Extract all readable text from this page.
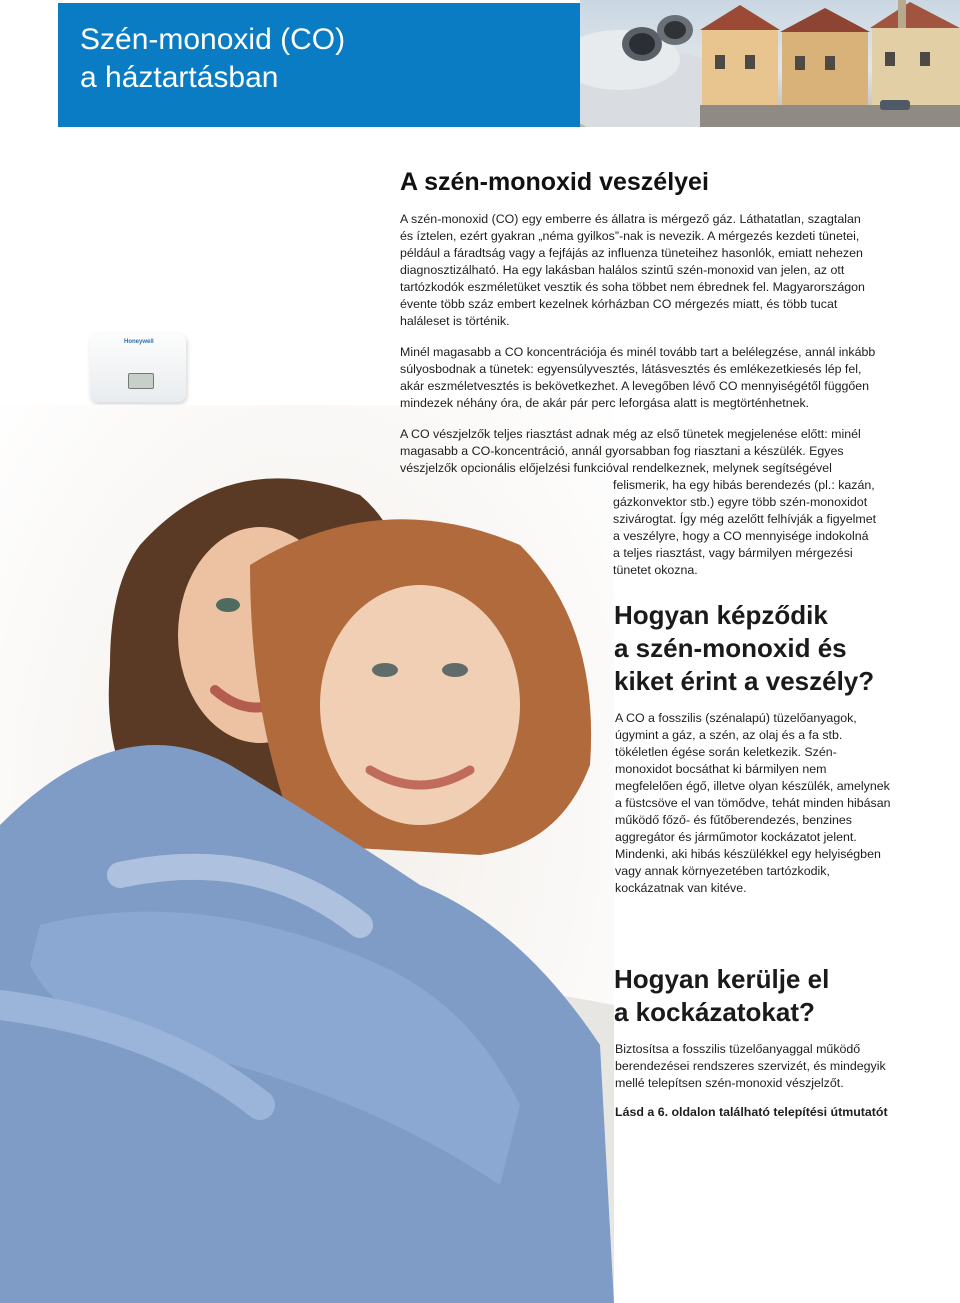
Szén-monoxid (CO)
a háztartásban
Honeywell
A szén-monoxid veszélyei

A szén-monoxid (CO) egy emberre és állatra is mérgező gáz. Láthatatlan, szagtalan
és íztelen, ezért gyakran „néma gyilkos”-nak is nevezik. A mérgezés kezdeti tünetei,
például a fáradtság vagy a fejfájás az influenza tüneteihez hasonlók, emiatt nehezen
diagnosztizálható. Ha egy lakásban halálos szintű szén-monoxid van jelen, az ott
tartózkodók eszméletüket vesztik és soha többet nem ébrednek fel. Magyarországon
évente több száz embert kezelnek kórházban CO mérgezés miatt, és több tucat
haláleset is történik.

Minél magasabb a CO koncentrációja és minél tovább tart a belélegzése, annál inkább
súlyosbodnak a tünetek: egyensúlyvesztés, látásvesztés és emlékezetkiesés lép fel,
akár eszméletvesztés is bekövetkezhet. A levegőben lévő CO mennyiségétől függően
mindezek néhány óra, de akár pár perc leforgása alatt is megtörténhetnek.

A CO vészjelzők teljes riasztást adnak még az első tünetek megjelenése előtt: minél
magasabb a CO-koncentráció, annál gyorsabban fog riasztani a készülék. Egyes
vészjelzők opcionális előjelzési funkcióval rendelkeznek, melynek segítségével

felismerik, ha egy hibás berendezés (pl.: kazán,
gázkonvektor stb.) egyre több szén-monoxidot
szivárogtat. Így még azelőtt felhívják a figyelmet
a veszélyre, hogy a CO mennyisége indokolná
a teljes riasztást, vagy bármilyen mérgezési
tünetet okozna.

Hogyan képződik
a szén-monoxid és
kiket érint a veszély?

A CO a fosszilis (szénalapú) tüzelőanyagok,
úgymint a gáz, a szén, az olaj és a fa stb.
tökéletlen égése során keletkezik. Szén-
monoxidot bocsáthat ki bármilyen nem
megfelelően égő, illetve olyan készülék, amelynek
a füstcsöve el van tömődve, tehát minden hibásan
működő főző- és fűtőberendezés, benzines
aggregátor és járműmotor kockázatot jelent.
Mindenki, aki hibás készülékkel egy helyiségben
vagy annak környezetében tartózkodik,
kockázatnak van kitéve.

Hogyan kerülje el
a kockázatokat?

Biztosítsa a fosszilis tüzelőanyaggal működő
berendezései rendszeres szervizét, és mindegyik
mellé telepítsen szén-monoxid vészjelzőt.

Lásd a 6. oldalon található telepítési útmutatót
